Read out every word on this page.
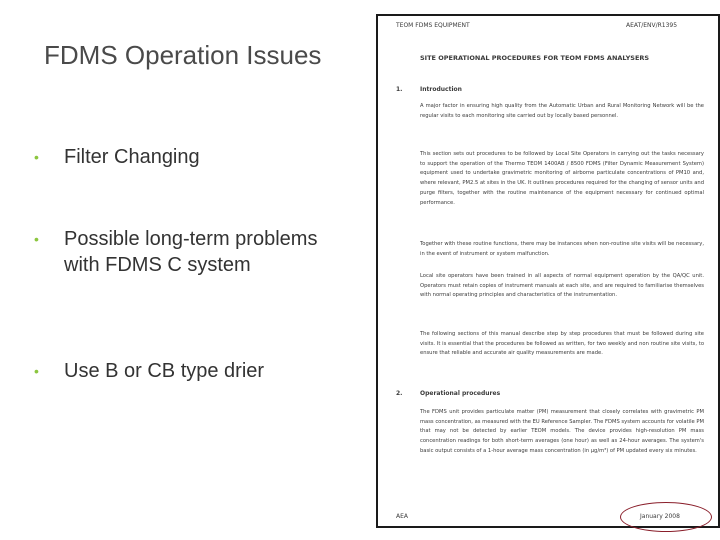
FDMS Operation Issues
•	Filter Changing
•	Possible long-term problems with FDMS C system
•	Use B or CB type drier
TEOM FDMS EQUIPMENT	AEAT/ENV/R1395
SITE OPERATIONAL PROCEDURES FOR TEOM FDMS ANALYSERS
1.	Introduction
A major factor in ensuring high quality from the Automatic Urban and Rural Monitoring Network will be the regular visits to each monitoring site carried out by locally based personnel.
This section sets out procedures to be followed by Local Site Operators in carrying out the tasks necessary to support the operation of the Thermo TEOM 1400AB / 8500 FDMS (Filter Dynamic Measurement System) equipment used to undertake gravimetric monitoring of airborne particulate concentrations of PM10 and, where relevant, PM2.5 at sites in the UK. It outlines procedures required for the changing of sensor units and purge filters, together with the routine maintenance of the equipment necessary for continued optimal performance.
Together with these routine functions, there may be instances when non-routine site visits will be necessary, in the event of instrument or system malfunction.
Local site operators have been trained in all aspects of normal equipment operation by the QA/QC unit. Operators must retain copies of instrument manuals at each site, and are required to familiarise themselves with normal operating principles and characteristics of the instrumentation.
The following sections of this manual describe step by step procedures that must be followed during site visits. It is essential that the procedures be followed as written, for two weekly and non routine site visits, to ensure that reliable and accurate air quality measurements are made.
2.	Operational procedures
The FDMS unit provides particulate matter (PM) measurement that closely correlates with gravimetric PM mass concentration, as measured with the EU Reference Sampler. The FDMS system accounts for volatile PM that may not be detected by earlier TEOM models. The device provides high-resolution PM mass concentration readings for both short-term averages (one hour) as well as 24-hour averages. The system's basic output consists of a 1-hour average mass concentration (in µg/m³) of PM updated every six minutes.
AEA	January 2008
